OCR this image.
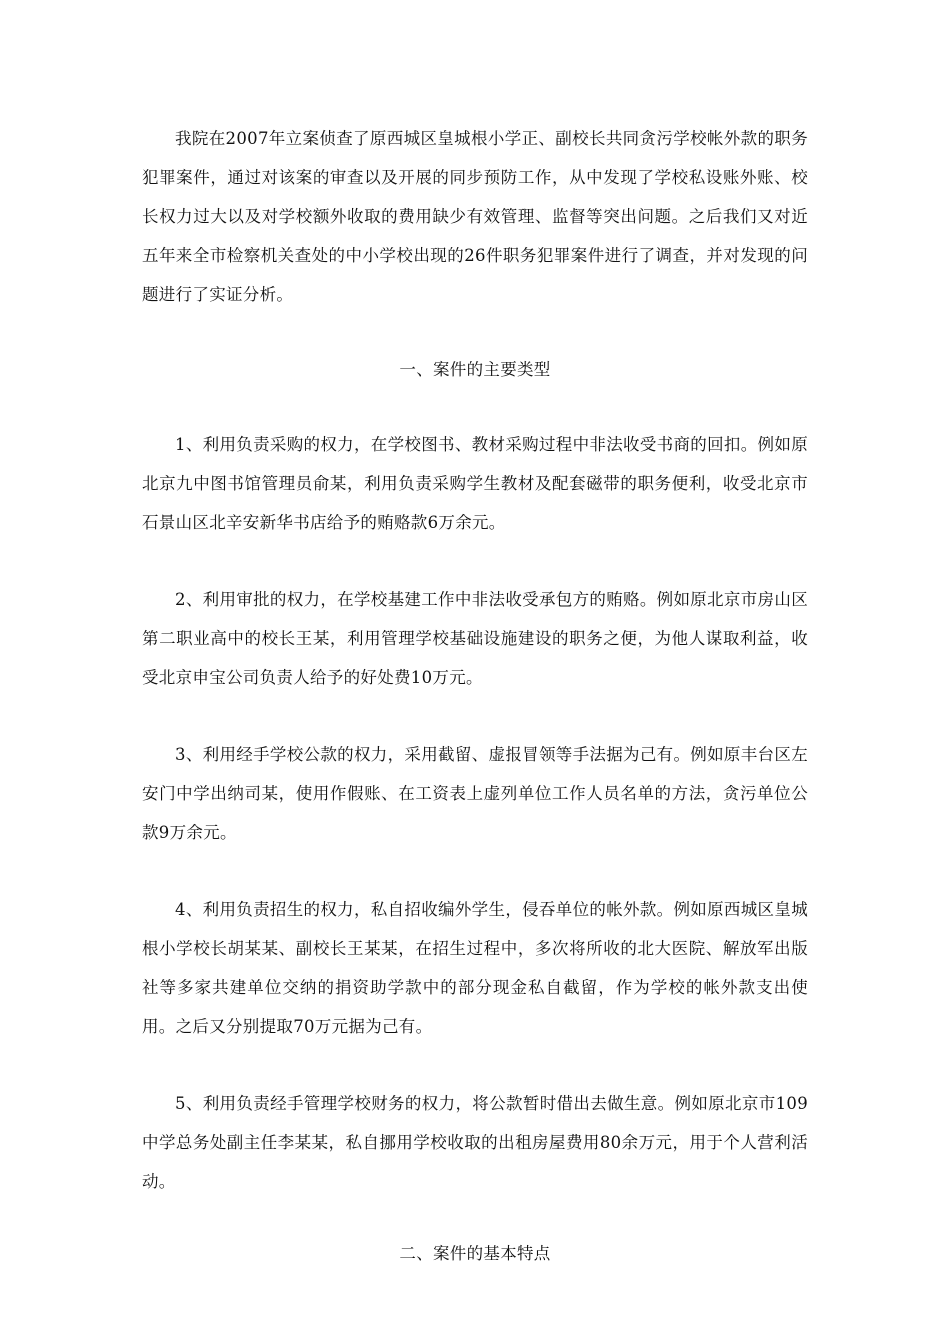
我院在2007年立案侦查了原西城区皇城根小学正、副校长共同贪污学校帐外款的职务犯罪案件，通过对该案的审查以及开展的同步预防工作，从中发现了学校私设账外账、校长权力过大以及对学校额外收取的费用缺少有效管理、监督等突出问题。之后我们又对近五年来全市检察机关查处的中小学校出现的26件职务犯罪案件进行了调查，并对发现的问题进行了实证分析。

一、案件的主要类型

1、利用负责采购的权力，在学校图书、教材采购过程中非法收受书商的回扣。例如原北京九中图书馆管理员俞某，利用负责采购学生教材及配套磁带的职务便利，收受北京市石景山区北辛安新华书店给予的贿赂款6万余元。

2、利用审批的权力，在学校基建工作中非法收受承包方的贿赂。例如原北京市房山区第二职业高中的校长王某，利用管理学校基础设施建设的职务之便，为他人谋取利益，收受北京申宝公司负责人给予的好处费10万元。

3、利用经手学校公款的权力，采用截留、虚报冒领等手法据为己有。例如原丰台区左安门中学出纳司某，使用作假账、在工资表上虚列单位工作人员名单的方法，贪污单位公款9万余元。

4、利用负责招生的权力，私自招收编外学生，侵吞单位的帐外款。例如原西城区皇城根小学校长胡某某、副校长王某某，在招生过程中，多次将所收的北大医院、解放军出版社等多家共建单位交纳的捐资助学款中的部分现金私自截留，作为学校的帐外款支出使用。之后又分别提取70万元据为己有。

5、利用负责经手管理学校财务的权力，将公款暂时借出去做生意。例如原北京市109中学总务处副主任李某某，私自挪用学校收取的出租房屋费用80余万元，用于个人营利活动。

二、案件的基本特点
